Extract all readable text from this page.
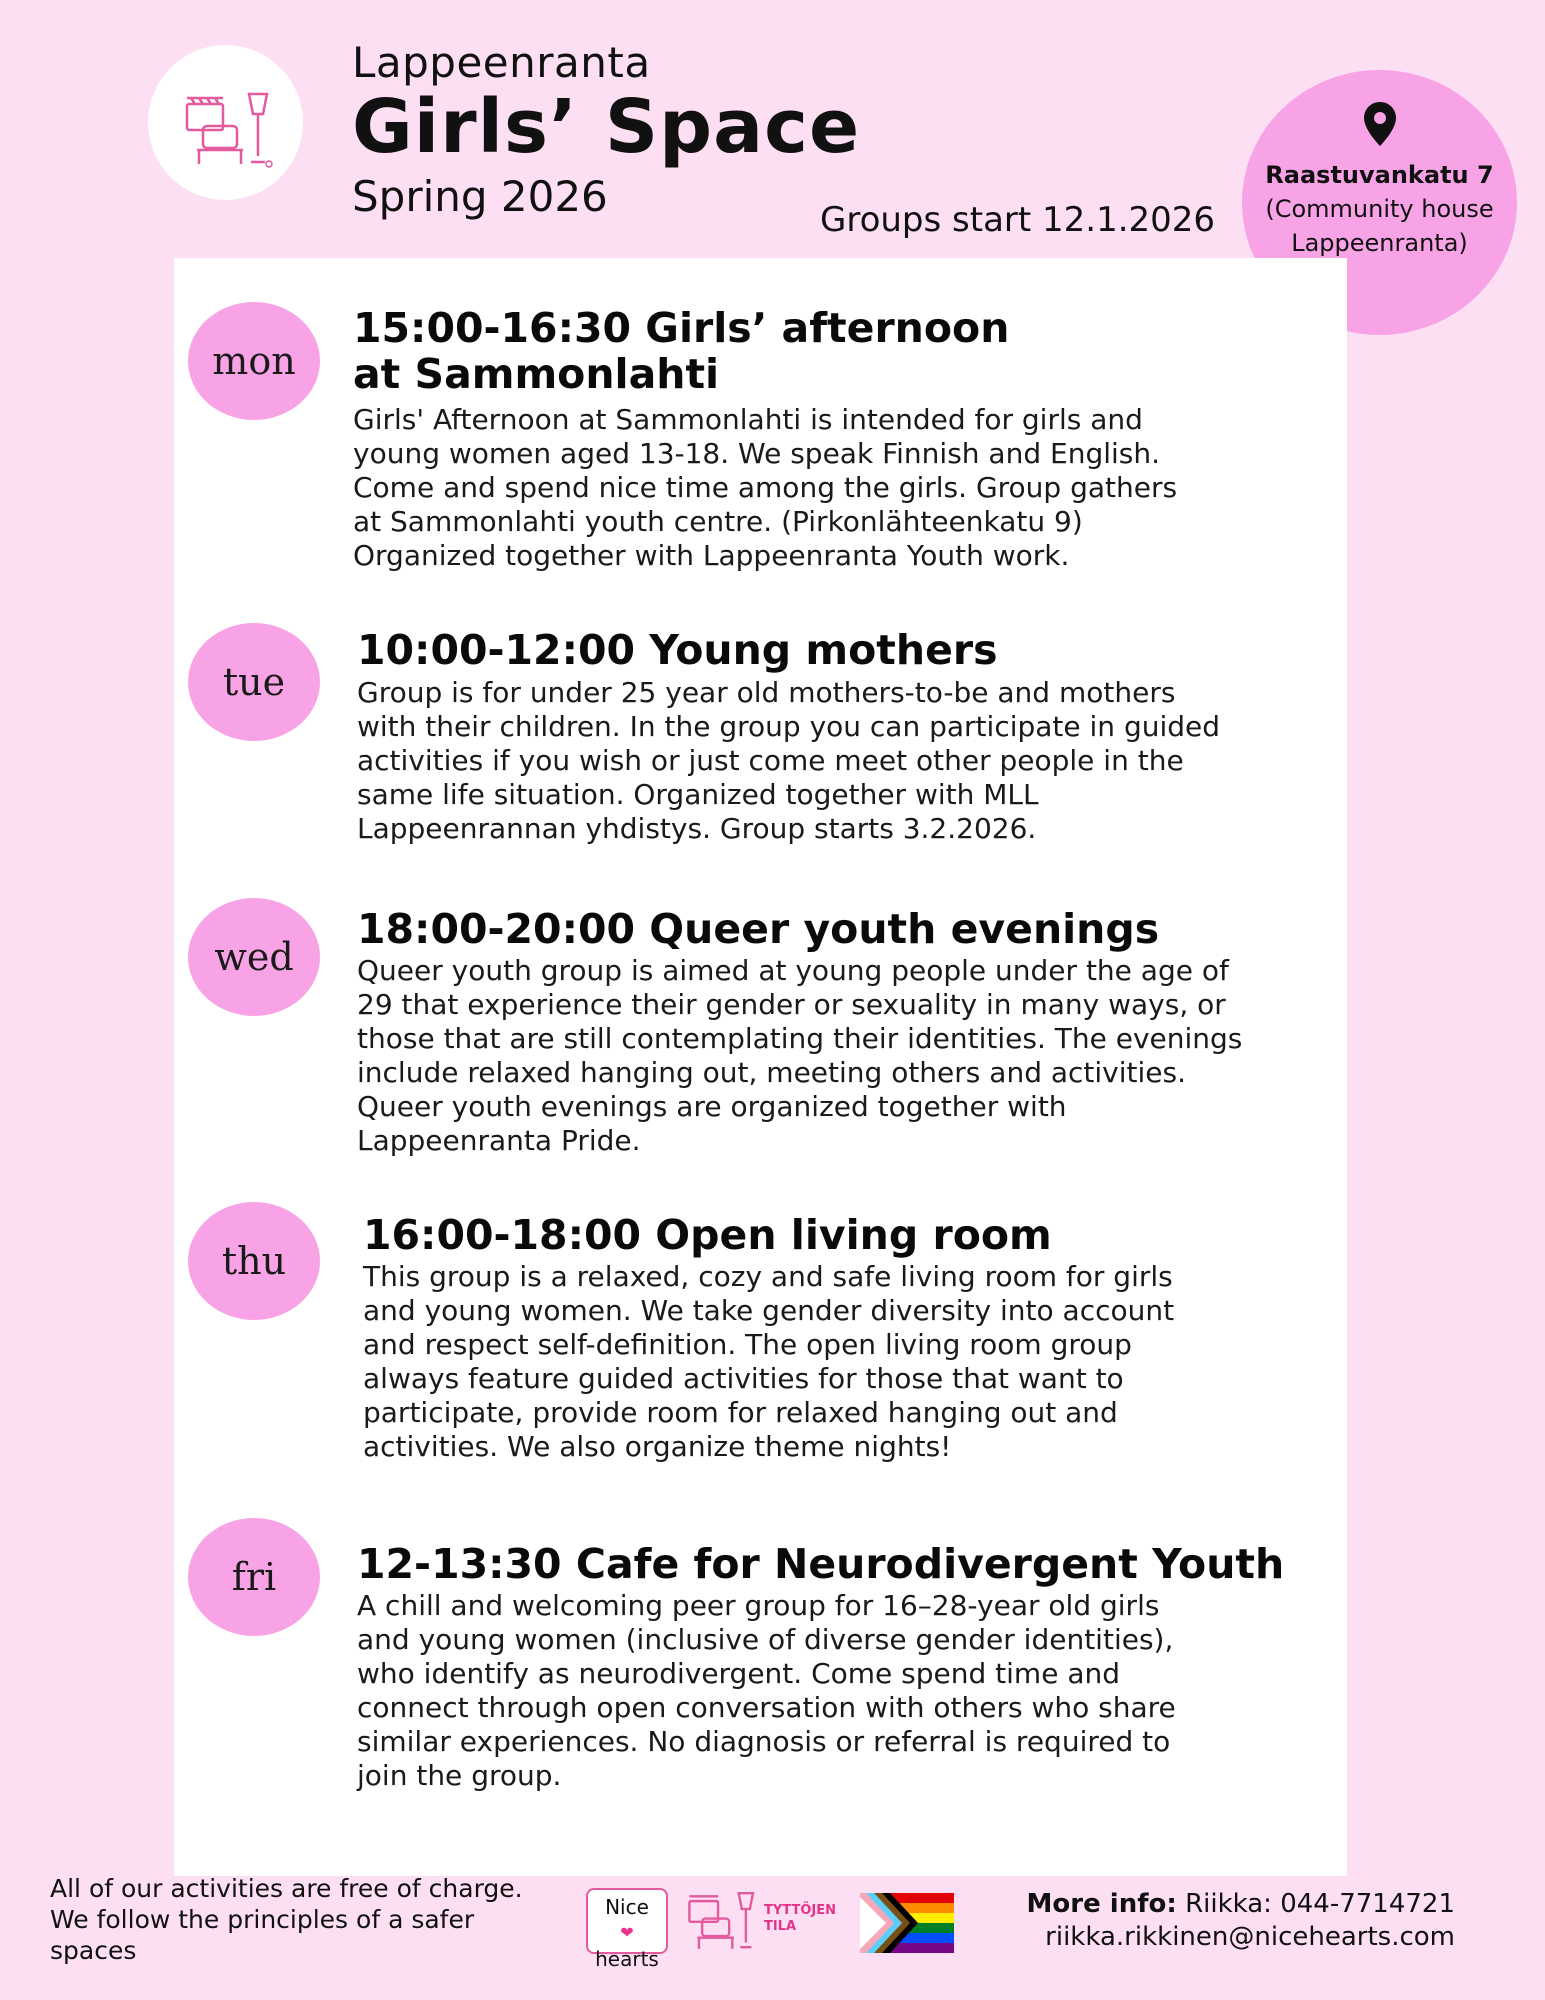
Lappeenranta
Girls’ Space
Spring 2026	Groups start 12.1.2026
Raastuvankatu 7
(Community house
Lappeenranta)
mon
15:00-16:30 Girls’ afternoon
at Sammonlahti
Girls' Afternoon at Sammonlahti is intended for girls and
young women aged 13-18. We speak Finnish and English.
Come and spend nice time among the girls. Group gathers
at Sammonlahti youth centre. (Pirkonlähteenkatu 9)
Organized together with Lappeenranta Youth work.
tue
10:00-12:00 Young mothers
Group is for under 25 year old mothers-to-be and mothers
with their children. In the group you can participate in guided
activities if you wish or just come meet other people in the
same life situation. Organized together with MLL
Lappeenrannan yhdistys. Group starts 3.2.2026.
wed
18:00-20:00 Queer youth evenings
Queer youth group is aimed at young people under the age of
29 that experience their gender or sexuality in many ways, or
those that are still contemplating their identities. The evenings
include relaxed hanging out, meeting others and activities.
Queer youth evenings are organized together with
Lappeenranta Pride.
thu
16:00-18:00 Open living room
This group is a relaxed, cozy and safe living room for girls
and young women. We take gender diversity into account
and respect self-definition. The open living room group
always feature guided activities for those that want to
participate, provide room for relaxed hanging out and
activities. We also organize theme nights!
fri	12-13:30 Cafe for Neurodivergent Youth
A chill and welcoming peer group for 16–28-year old girls
and young women (inclusive of diverse gender identities),
who identify as neurodivergent. Come spend time and
connect through open conversation with others who share
similar experiences. No diagnosis or referral is required to
join the group.
All of our activities are free of charge.
We follow the principles of a safer
spaces
Nice
❤
hearts
TYTTÖJEN
TILA
More info: Riikka: 044-7714721
riikka.rikkinen@nicehearts.com
